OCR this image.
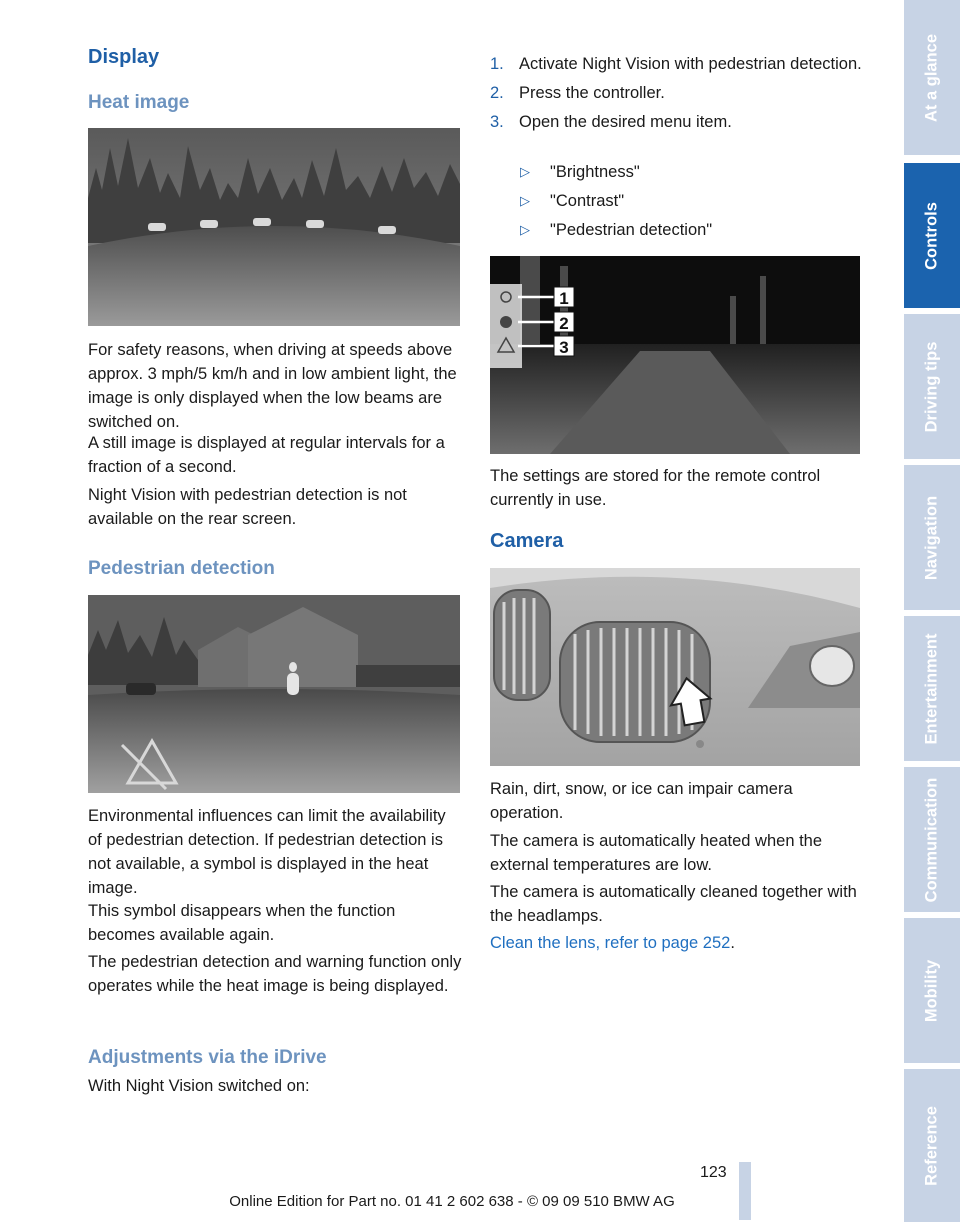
Display
Heat image

For safety reasons, when driving at speeds above approx. 3 mph/5 km/h and in low ambient light, the image is only displayed when the low beams are switched on.

A still image is displayed at regular intervals for a fraction of a second.

Night Vision with pedestrian detection is not available on the rear screen.

Pedestrian detection

Environmental influences can limit the availability of pedestrian detection. If pedestrian detection is not available, a symbol is displayed in the heat image.

This symbol disappears when the function becomes available again.

The pedestrian detection and warning function only operates while the heat image is being displayed.

Adjustments via the iDrive

With Night Vision switched on:

1. Activate Night Vision with pedestrian detection.
2. Press the controller.
3. Open the desired menu item.
▷ "Brightness"
▷ "Contrast"
▷ "Pedestrian detection"
1
2
3

The settings are stored for the remote control currently in use.

Camera

Rain, dirt, snow, or ice can impair camera operation.

The camera is automatically heated when the external temperatures are low.

The camera is automatically cleaned together with the headlamps.

Clean the lens, refer to page 252.

At a glance
Controls
Driving tips
Navigation
Entertainment
Communication
Mobility
Reference
123
Online Edition for Part no. 01 41 2 602 638 - © 09 09 510 BMW AG
